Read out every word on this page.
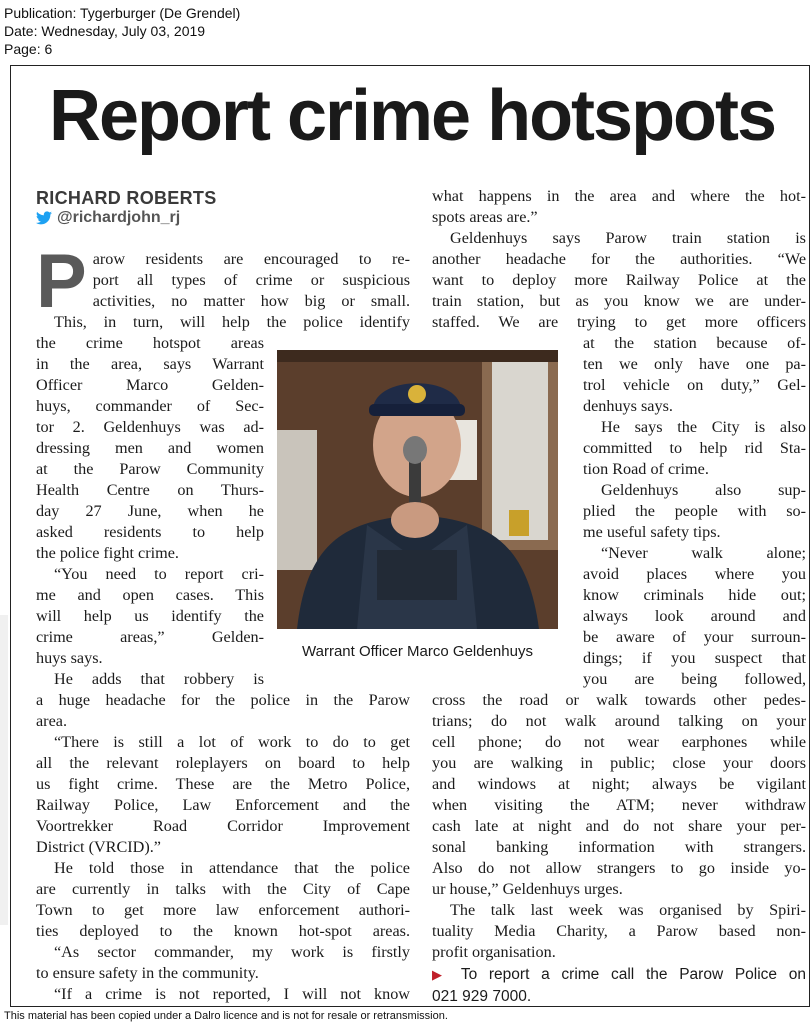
Publication: Tygerburger (De Grendel)
Date: Wednesday, July 03, 2019
Page: 6
Report crime hotspots
RICHARD ROBERTS
@richardjohn_rj
P arow residents are encouraged to re-

port all types of crime or suspicious

activities, no matter how big or small.

This, in turn, will help the police identify

the crime hotspot areas

in the area, says Warrant

Officer Marco Gelden-

huys, commander of Sec-

tor 2. Geldenhuys was ad-

dressing men and women

at the Parow Community

Health Centre on Thurs-

day 27 June, when he

asked residents to help

the police fight crime.

“You need to report cri-

me and open cases. This

will help us identify the

crime areas,” Gelden-

huys says.

He adds that robbery is

a huge headache for the police in the Parow

area.

“There is still a lot of work to do to get

all the relevant roleplayers on board to help

us fight crime. These are the Metro Police,

Railway Police, Law Enforcement and the

Voortrekker Road Corridor Improvement

District (VRCID).”

He told those in attendance that the police

are currently in talks with the City of Cape

Town to get more law enforcement authori-

ties deployed to the known hot-spot areas.

“As sector commander, my work is firstly

to ensure safety in the community.

“If a crime is not reported, I will not know

what happens in the area and where the hot-

spots areas are.”

Geldenhuys says Parow train station is

another headache for the authorities. “We

want to deploy more Railway Police at the

train station, but as you know we are under-

staffed. We are trying to get more officers

at the station because of-

ten we only have one pa-

trol vehicle on duty,” Gel-

denhuys says.

He says the City is also

committed to help rid Sta-

tion Road of crime.

Geldenhuys also sup-

plied the people with so-

me useful safety tips.

“Never walk alone;

avoid places where you

know criminals hide out;

always look around and

be aware of your surroun-

dings; if you suspect that

you are being followed,

cross the road or walk towards other pedes-

trians; do not walk around talking on your

cell phone; do not wear earphones while

you are walking in public; close your doors

and windows at night; always be vigilant

when visiting the ATM; never withdraw

cash late at night and do not share your per-

sonal banking information with strangers.

Also do not allow strangers to go inside yo-

ur house,” Geldenhuys urges.

The talk last week was organised by Spiri-

tuality Media Charity, a Parow based non-

profit organisation.

▶ To report a crime call the Parow Police on

021 929 7000.

Warrant Officer Marco Geldenhuys
This material has been copied under a Dalro licence and is not for resale or retransmission.
